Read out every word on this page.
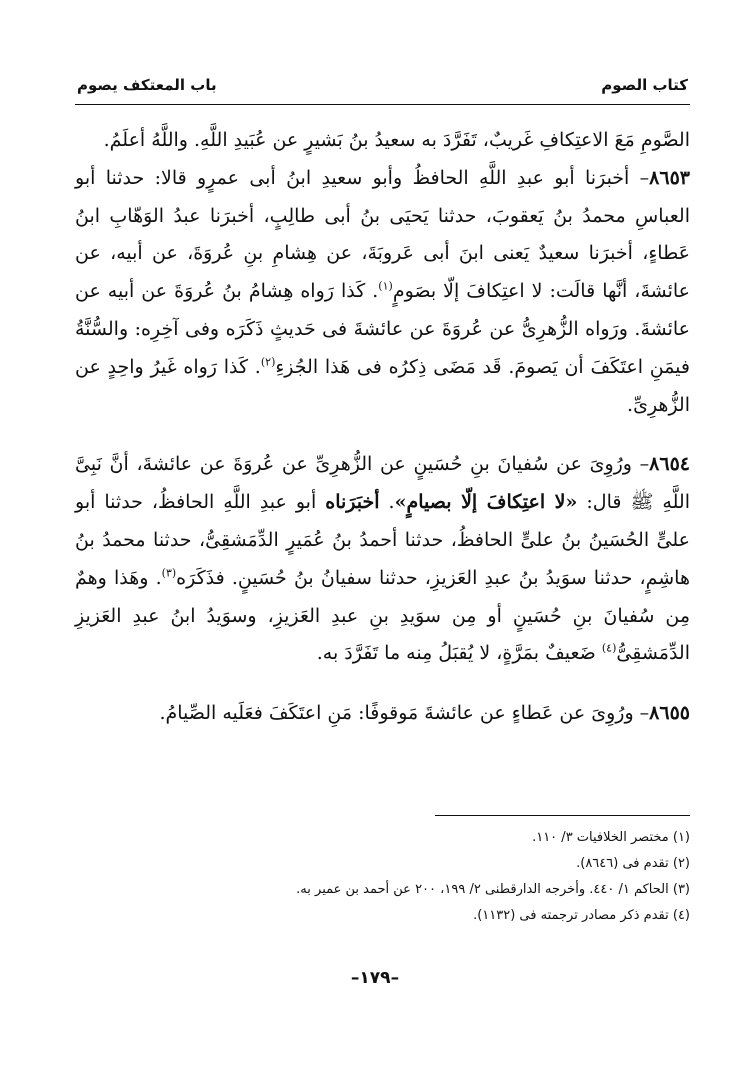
كتاب الصوم
باب المعتكف يصوم

الصَّومِ مَعَ الاعتِكافِ غَريبٌ، تَفَرَّدَ به سعيدُ بنُ بَشيرٍ عن عُبَيدِ اللَّهِ. واللَّهُ أعلَمُ.

٨٦٥٣– أخبرَنا أبو عبدِ اللَّهِ الحافظُ وأبو سعيدِ ابنُ أبى عمرٍو قالا: حدثنا أبو العباسِ محمدُ بنُ يَعقوبَ، حدثنا يَحيَى بنُ أبى طالِبٍ، أخبرَنا عبدُ الوَهّابِ ابنُ عَطاءٍ، أخبرَنا سعيدٌ يَعنى ابنَ أبى عَروبَةَ، عن هِشامِ بنِ عُروَةَ، عن أبيه، عن عائشةَ، أنَّها قالَت: لا اعتِكافَ إلّا بصَومٍ$^{(١)}$. كَذا رَواه هِشامُ بنُ عُروَةَ عن أبيه عن عائشةَ. ورَواه الزُّهرِىُّ عن عُروَةَ عن عائشةَ فى حَديثٍ ذَكَرَه وفى آخِرِه: والسُّنَّةُ فيمَنِ اعتَكَفَ أن يَصومَ. قَد مَضَى ذِكرُه فى هَذا الجُزءِ$^{(٢)}$. كَذا رَواه غَيرُ واحِدٍ عن الزُّهرِىِّ.

٨٦٥٤– ورُوِىَ عن سُفيانَ بنِ حُسَينٍ عن الزُّهرِىِّ عن عُروَةَ عن عائشةَ، أنَّ نَبِىَّ اللَّهِ ﷺ قال: «لا اعتِكافَ إلّا بصيامٍ». أخبَرَناه أبو عبدِ اللَّهِ الحافظُ، حدثنا أبو علىٍّ الحُسَينُ بنُ علىٍّ الحافظُ، حدثنا أحمدُ بنُ عُمَيرٍ الدِّمَشقِىُّ، حدثنا محمدُ بنُ هاشِمٍ، حدثنا سوَيدُ بنُ عبدِ العَزيزِ، حدثنا سفيانُ بنُ حُسَينٍ. فذَكَرَه$^{(٣)}$. وهَذا وهمٌ مِن سُفيانَ بنِ حُسَينٍ أو مِن سوَيدِ بنِ عبدِ العَزيزِ، وسوَيدُ ابنُ عبدِ العَزيزِ الدِّمَشقِىُّ$^{(٤)}$ ضَعيفٌ بمَرَّةٍ، لا يُقبَلُ مِنه ما تَفَرَّدَ به.

٨٦٥٥– ورُوِىَ عن عَطاءٍ عن عائشةَ مَوقوفًا: مَنِ اعتَكَفَ فعَلَيه الصِّيامُ.

(١) مختصر الخلافيات ٣/ ١١٠.
(٢) تقدم فى (٨٦٤٦).
(٣) الحاكم ١/ ٤٤٠. وأخرجه الدارقطنى ٢/ ١٩٩، ٢٠٠ عن أحمد بن عمير به.
(٤) تقدم ذكر مصادر ترجمته فى (١١٣٢).
–١٧٩–
